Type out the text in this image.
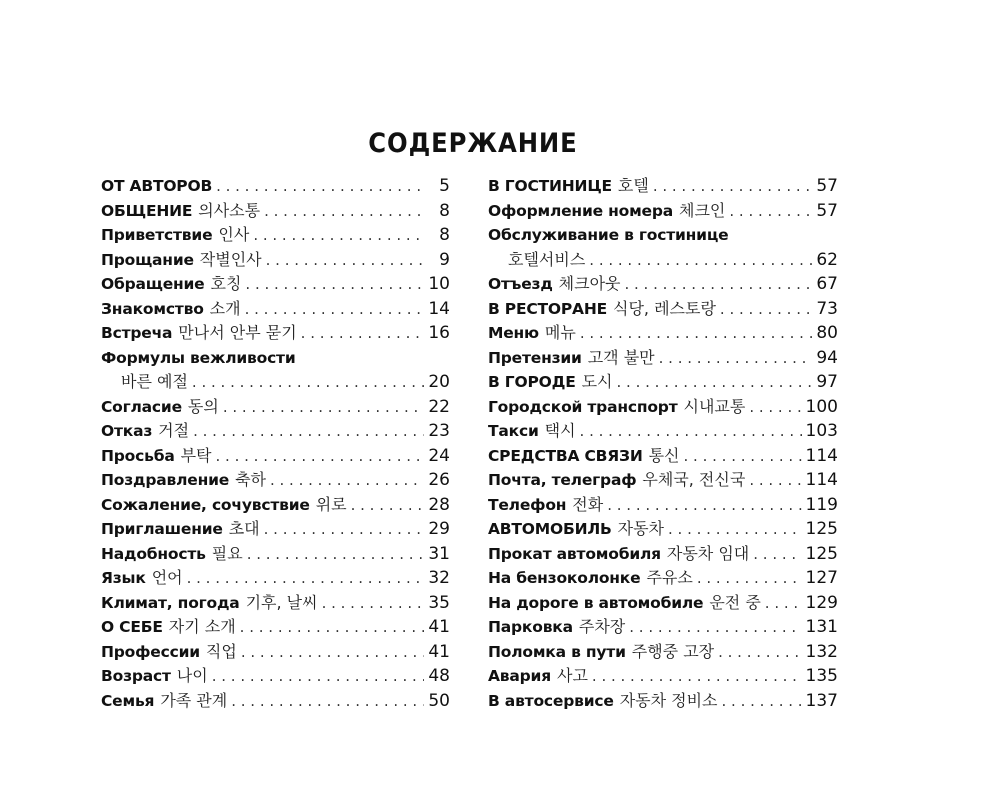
СОДЕРЖАНИЕ
ОТ АВТОРОВ . . .	5
ОБЩЕНИЕ 의사소통 . . .	8
Приветствие 인사 . . .	8
Прощание 작별인사 . . .	9
Обращение 호칭 . . .	10
Знакомство 소개 . . .	14
Встреча 만나서 안부 묻기 . . .	16
Формулы вежливости
바른 예절 . . .	20
Согласие 동의 . . .	22
Отказ 거절 . . .	23
Просьба 부탁 . . .	24
Поздравление 축하 . . .	26
Сожаление, сочувствие 위로 . . .	28
Приглашение 초대 . . .	29
Надобность 필요 . . .	31
Язык 언어 . . .	32
Климат, погода 기후, 날씨 . . .	35
О СЕБЕ 자기 소개 . . .	41
Профессии 직업 . . .	41
Возраст 나이 . . .	48
Семья 가족 관계 . . .	50
В ГОСТИНИЦЕ 호텔 . . .	57
Оформление номера 체크인 . . .	57
Обслуживание в гостинице
호텔서비스 . . .	62
Отъезд 체크아웃 . . .	67
В РЕСТОРАНЕ 식당, 레스토랑 . . .	73
Меню 메뉴 . . .	80
Претензии 고객 불만 . . .	94
В ГОРОДЕ 도시 . . .	97
Городской транспорт 시내교통 . . .	100
Такси 택시 . . .	103
СРЕДСТВА СВЯЗИ 통신 . . .	114
Почта, телеграф 우체국, 전신국 . . .	114
Телефон 전화 . . .	119
АВТОМОБИЛЬ 자동차 . . .	125
Прокат автомобиля 자동차 임대 . . .	125
На бензоколонке 주유소 . . .	127
На дороге в автомобиле 운전 중 . . .	129
Парковка 주차장 . . .	131
Поломка в пути 주행중 고장 . . .	132
Авария 사고 . . .	135
В автосервисе 자동차 정비소 . . .	137
